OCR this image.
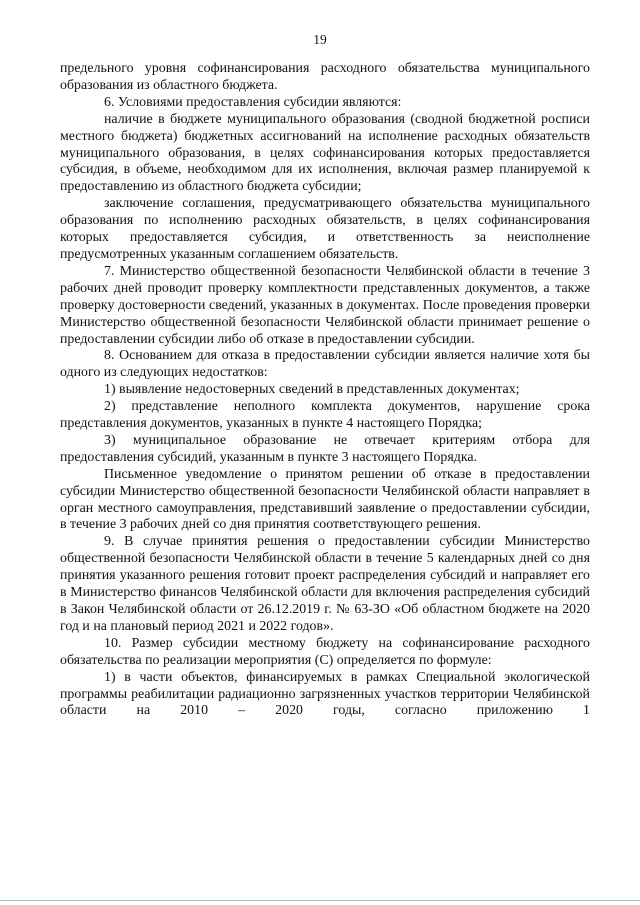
19

предельного уровня софинансирования расходного обязательства муниципального образования из областного бюджета.

6. Условиями предоставления субсидии являются:

наличие в бюджете муниципального образования (сводной бюджетной росписи местного бюджета) бюджетных ассигнований на исполнение расходных обязательств муниципального образования, в целях софинансирования которых предоставляется субсидия, в объеме, необходимом для их исполнения, включая размер планируемой к предоставлению из областного бюджета субсидии;

заключение соглашения, предусматривающего обязательства муниципального образования по исполнению расходных обязательств, в целях софинансирования которых предоставляется субсидия, и ответственность за неисполнение предусмотренных указанным соглашением обязательств.

7. Министерство общественной безопасности Челябинской области в течение 3 рабочих дней проводит проверку комплектности представленных документов, а также проверку достоверности сведений, указанных в документах. После проведения проверки Министерство общественной безопасности Челябинской области принимает решение о предоставлении субсидии либо об отказе в предоставлении субсидии.

8. Основанием для отказа в предоставлении субсидии является наличие хотя бы одного из следующих недостатков:

1) выявление недостоверных сведений в представленных документах;

2) представление неполного комплекта документов, нарушение срока представления документов, указанных в пункте 4 настоящего Порядка;

3) муниципальное образование не отвечает критериям отбора для предоставления субсидий, указанным в пункте 3 настоящего Порядка.

Письменное уведомление о принятом решении об отказе в предоставлении субсидии Министерство общественной безопасности Челябинской области направляет в орган местного самоуправления, представивший заявление о предоставлении субсидии, в течение 3 рабочих дней со дня принятия соответствующего решения.

9. В случае принятия решения о предоставлении субсидии Министерство общественной безопасности Челябинской области в течение 5 календарных дней со дня принятия указанного решения готовит проект распределения субсидий и направляет его в Министерство финансов Челябинской области для включения распределения субсидий в Закон Челябинской области от 26.12.2019 г. № 63-ЗО «Об областном бюджете на 2020 год и на плановый период 2021 и 2022 годов».

10. Размер субсидии местному бюджету на софинансирование расходного обязательства по реализации мероприятия (С) определяется по формуле:

1) в части объектов, финансируемых в рамках Специальной экологической программы реабилитации радиационно загрязненных участков территории Челябинской области на 2010 – 2020 годы, согласно приложению 1
